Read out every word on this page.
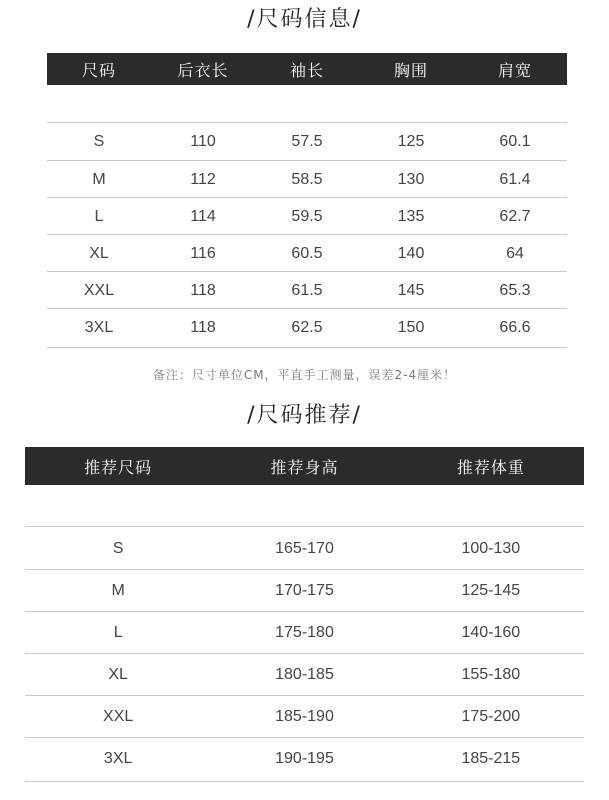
/尺码信息/
尺码	后衣长	袖长	胸围	肩宽
S	110	57.5	125	60.1
M	112	58.5	130	61.4
L	114	59.5	135	62.7
XL	116	60.5	140	64
XXL	118	61.5	145	65.3
3XL	118	62.5	150	66.6
备注：尺寸单位CM，平直手工测量，误差2-4厘米！
/尺码推荐/
推荐尺码	推荐身高	推荐体重
S	165-170	100-130
M	170-175	125-145
L	175-180	140-160
XL	180-185	155-180
XXL	185-190	175-200
3XL	190-195	185-215
